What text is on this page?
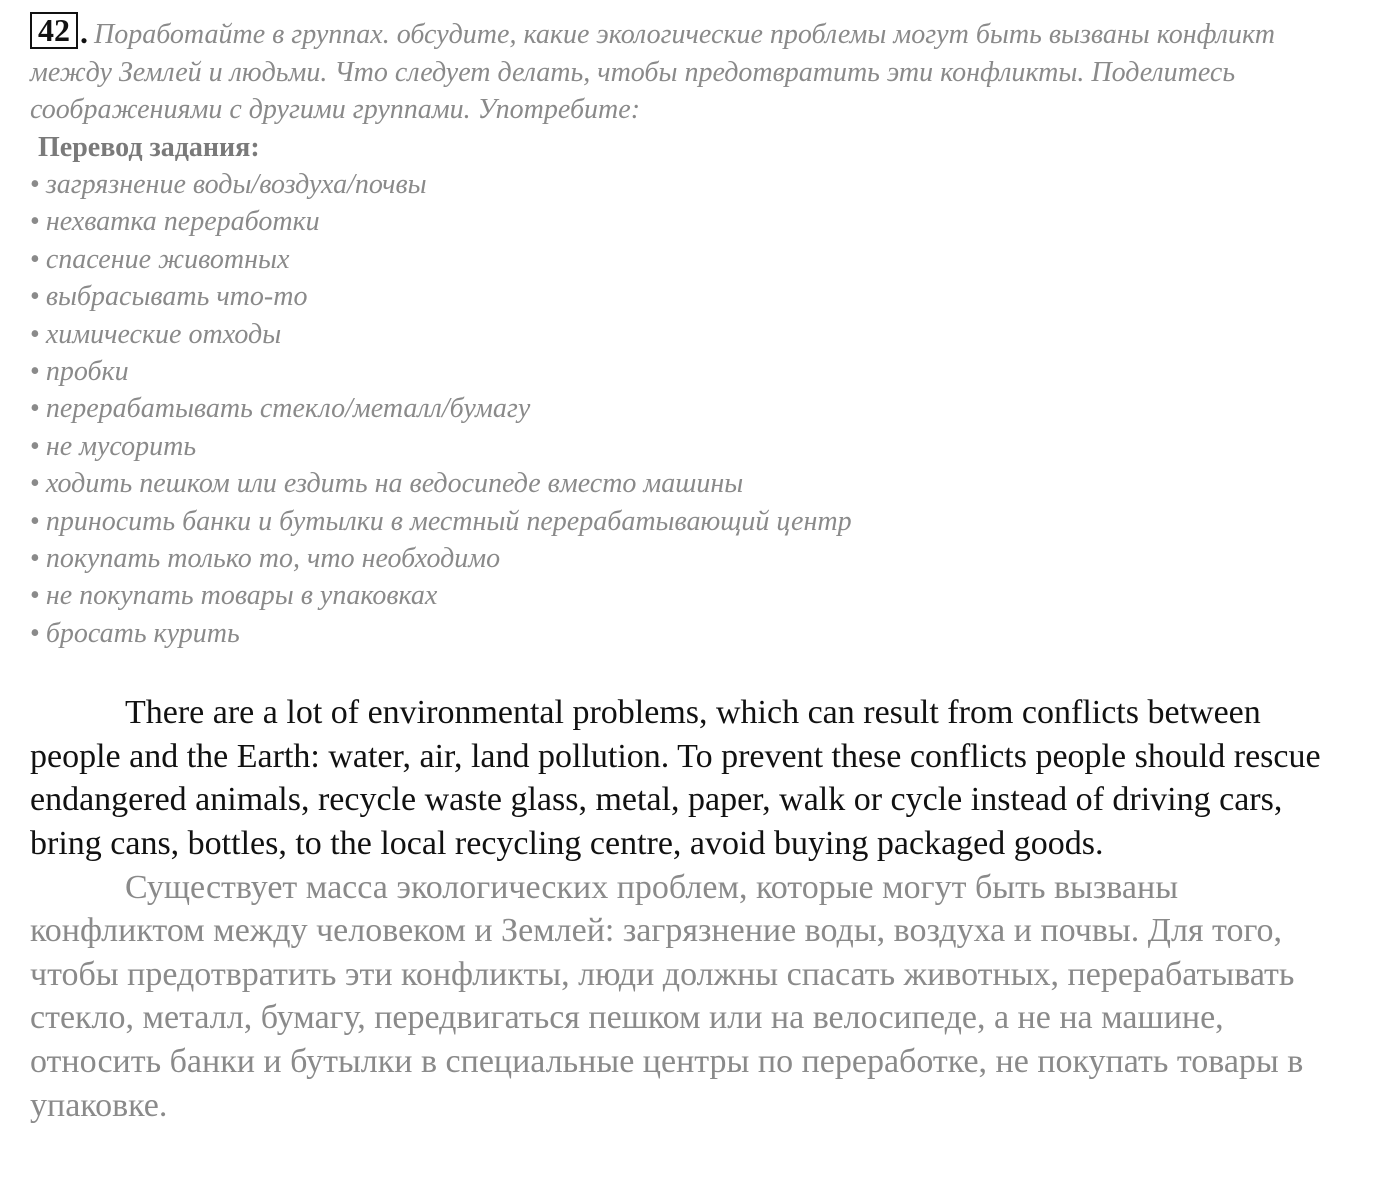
42 . Поработайте в группах. обсудите, какие экологические проблемы могут быть вызваны конфликт между Землей и людьми. Что следует делать, чтобы предотвратить эти конфликты. Поделитесь соображениями с другими группами. Употребите:

Перевод задания:

• загрязнение воды/воздуха/почвы
• нехватка переработки
• спасение животных
• выбрасывать что-то
• химические отходы
• пробки
• перерабатывать стекло/металл/бумагу
• не мусорить
• ходить пешком или ездить на ведосипеде вместо машины
• приносить банки и бутылки в местный перерабатывающий центр
• покупать только то, что необходимо
• не покупать товары в упаковках
• бросать курить

There are a lot of environmental problems, which can result from conflicts between people and the Earth: water, air, land pollution. To prevent these conflicts people should rescue endangered animals, recycle waste glass, metal, paper, walk or cycle instead of driving cars, bring cans, bottles, to the local recycling centre, avoid buying packaged goods.

Существует масса экологических проблем, которые могут быть вызваны конфликтом между человеком и Землей: загрязнение воды, воздуха и почвы. Для того, чтобы предотвратить эти конфликты, люди должны спасать животных, перерабатывать стекло, металл, бумагу, передвигаться пешком или на велосипеде, а не на машине, относить банки и бутылки в специальные центры по переработке, не покупать товары в упаковке.
